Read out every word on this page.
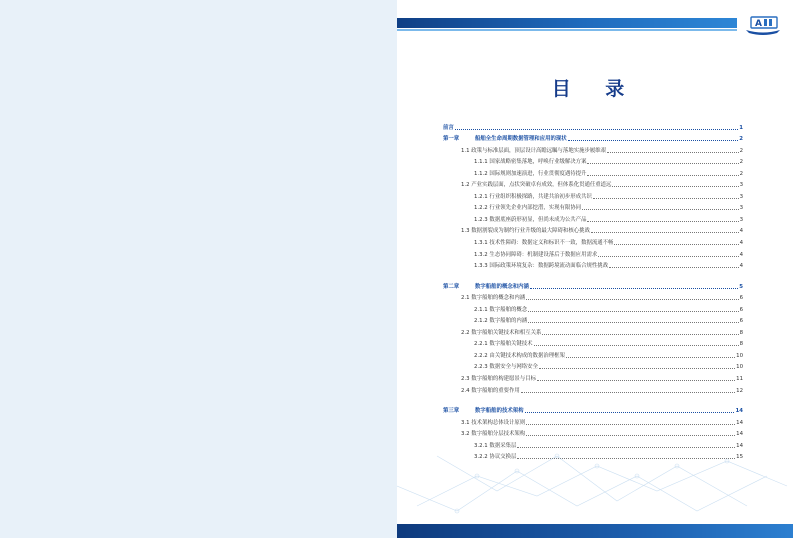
A
目 录
前言	1
第一章	船舶全生命周期数据管理和应用的现状	2
1.1 政策与标准层面，顶层设计高瞻远瞩与落地实施步履维艰	2
1.1.1 国家战略密集落地，呼唤行业级解决方案	2
1.1.2 国际规则加速演进，行业贯彻度遇待提升	2
1.2 产业实践层面，点状突破卓有成效，但体系化贯通任重道远	3
1.2.1 行业组织积极探路，共建共治初步形成共识	3
1.2.2 行业领先企业内部挖潜，实现有限协同	3
1.2.3 数据底座蔚形初显，但尚未成为公共产品	3
1.3 数据割裂成为制约行业升级的最大障碍和核心挑战	4
1.3.1 技术性障碍：数据定义和标识不一致，数据流通不畅	4
1.3.2 生态协同障碍：机制建设落后于数据应用需求	4
1.3.3 国际政策环境复杂：数据跨境流动面临合规性挑战	4
第二章	数字船舶的概念和内涵	5
2.1 数字船舶的概念和内涵	6
2.1.1 数字船舶的概念	6
2.1.2 数字船舶的内涵	6
2.2 数字船舶关键技术和相互关系	8
2.2.1 数字船舶关键技术	8
2.2.2 由关键技术构成的数据治理框架	10
2.2.3 数据安全与网络安全	10
2.3 数字船舶的构建愿景与目标	11
2.4 数字船舶的重要作用	12
第三章	数字船舶的技术架构	14
3.1 技术架构总体设计原则	14
3.2 数字船舶分层技术架构	14
3.2.1 数据采集层	14
3.2.2 协议交换层	15
